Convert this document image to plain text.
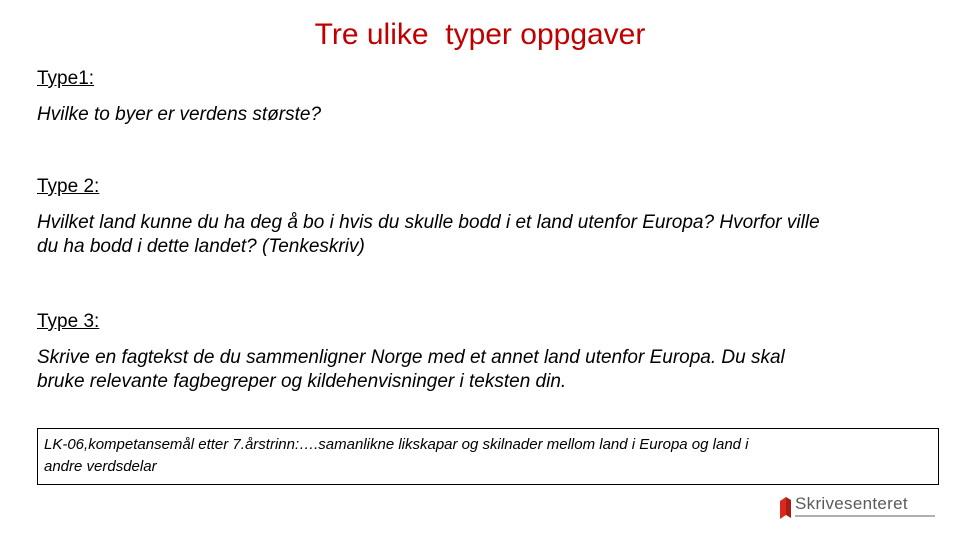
Tre ulike  typer oppgaver
Type1:
Hvilke to byer er verdens største?
Type 2:
Hvilket land kunne du ha deg å bo i hvis du skulle bodd i et land utenfor Europa? Hvorfor ville
du ha bodd i dette landet? (Tenkeskriv)
Type 3:
Skrive en fagtekst de du sammenligner Norge med et annet land utenfor Europa. Du skal
bruke relevante fagbegreper og kildehenvisninger i teksten din.
LK-06,kompetansemål etter 7.årstrinn:….samanlikne likskapar og skilnader mellom land i Europa og land i
andre verdsdelar
Skrivesenteret
